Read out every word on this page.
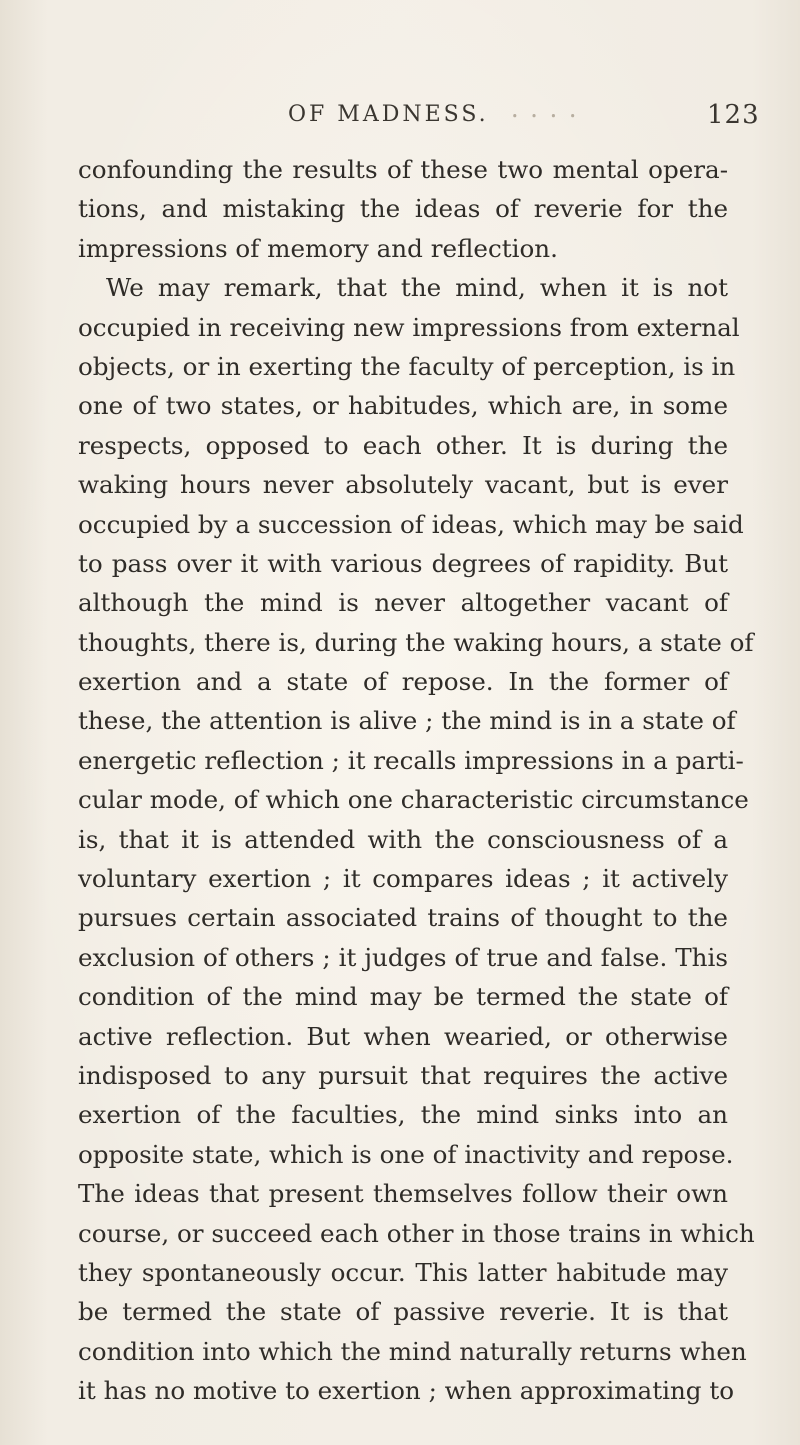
OF MADNESS. ꞏ ꞏ ꞏ ꞏ	123
confounding the results of these two mental opera-
tions, and mistaking the ideas of reverie for the
impressions of memory and reflection.
We may remark, that the mind, when it is not
occupied in receiving new impressions from external
objects, or in exerting the faculty of perception, is in
one of two states, or habitudes, which are, in some
respects, opposed to each other. It is during the
waking hours never absolutely vacant, but is ever
occupied by a succession of ideas, which may be said
to pass over it with various degrees of rapidity. But
although the mind is never altogether vacant of
thoughts, there is, during the waking hours, a state of
exertion and a state of repose. In the former of
these, the attention is alive ; the mind is in a state of
energetic reflection ; it recalls impressions in a parti-
cular mode, of which one characteristic circumstance
is, that it is attended with the consciousness of a
voluntary exertion ; it compares ideas ; it actively
pursues certain associated trains of thought to the
exclusion of others ; it judges of true and false. This
condition of the mind may be termed the state of
active reflection. But when wearied, or otherwise
indisposed to any pursuit that requires the active
exertion of the faculties, the mind sinks into an
opposite state, which is one of inactivity and repose.
The ideas that present themselves follow their own
course, or succeed each other in those trains in which
they spontaneously occur. This latter habitude may
be termed the state of passive reverie. It is that
condition into which the mind naturally returns when
it has no motive to exertion ; when approximating to
